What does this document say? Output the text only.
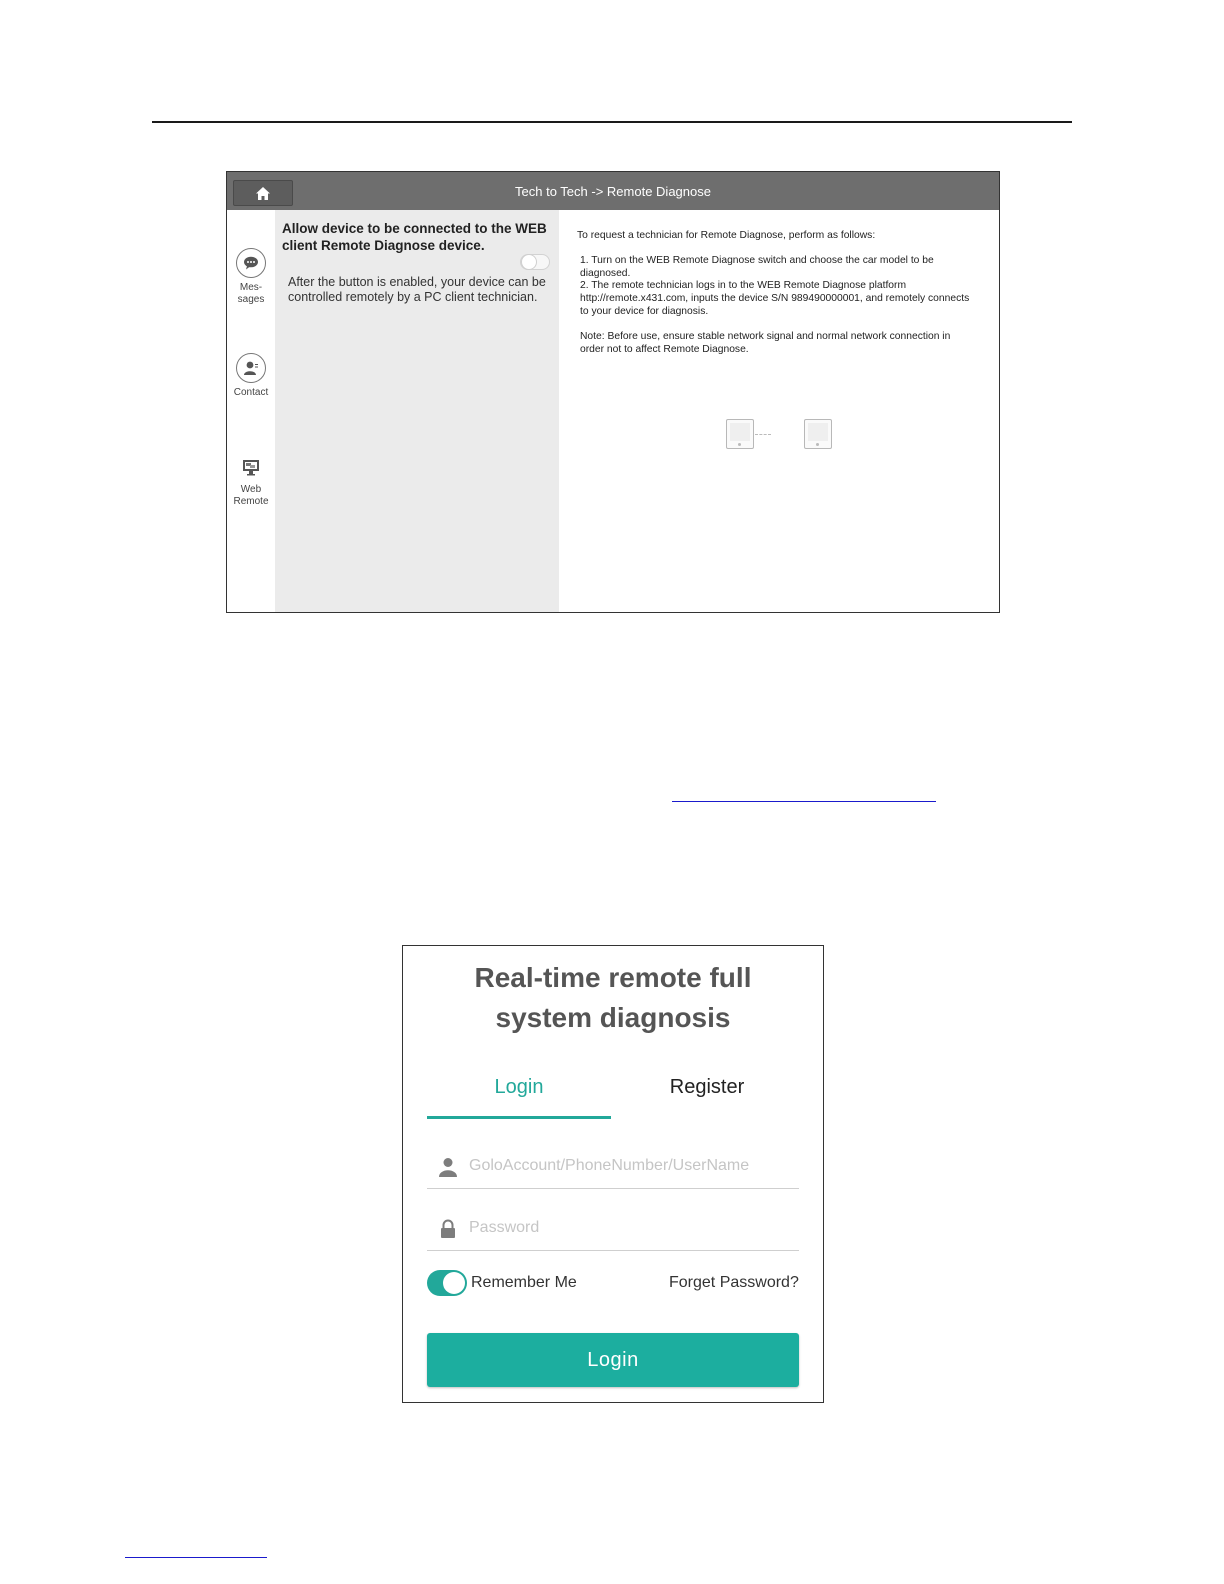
Tech to Tech -> Remote Diagnose
Mes-
sages
Contact
Web
Remote
Allow device to be connected to the WEB client Remote Diagnose device.
After the button is enabled, your device can be controlled remotely by a PC client technician.

To request a technician for Remote Diagnose, perform as follows:

1. Turn on the WEB Remote Diagnose switch and choose the car model to be diagnosed.

2. The remote technician logs in to the WEB Remote Diagnose platform http://remote.x431.com, inputs the device S/N 989490000001, and remotely connects to your device for diagnosis.

Note: Before use, ensure stable network signal and normal network connection in order not to affect Remote Diagnose.

Real-time remote full
system diagnosis
Login	Register
GoloAccount/PhoneNumber/UserName
Remember Me	Forget Password?
Login
